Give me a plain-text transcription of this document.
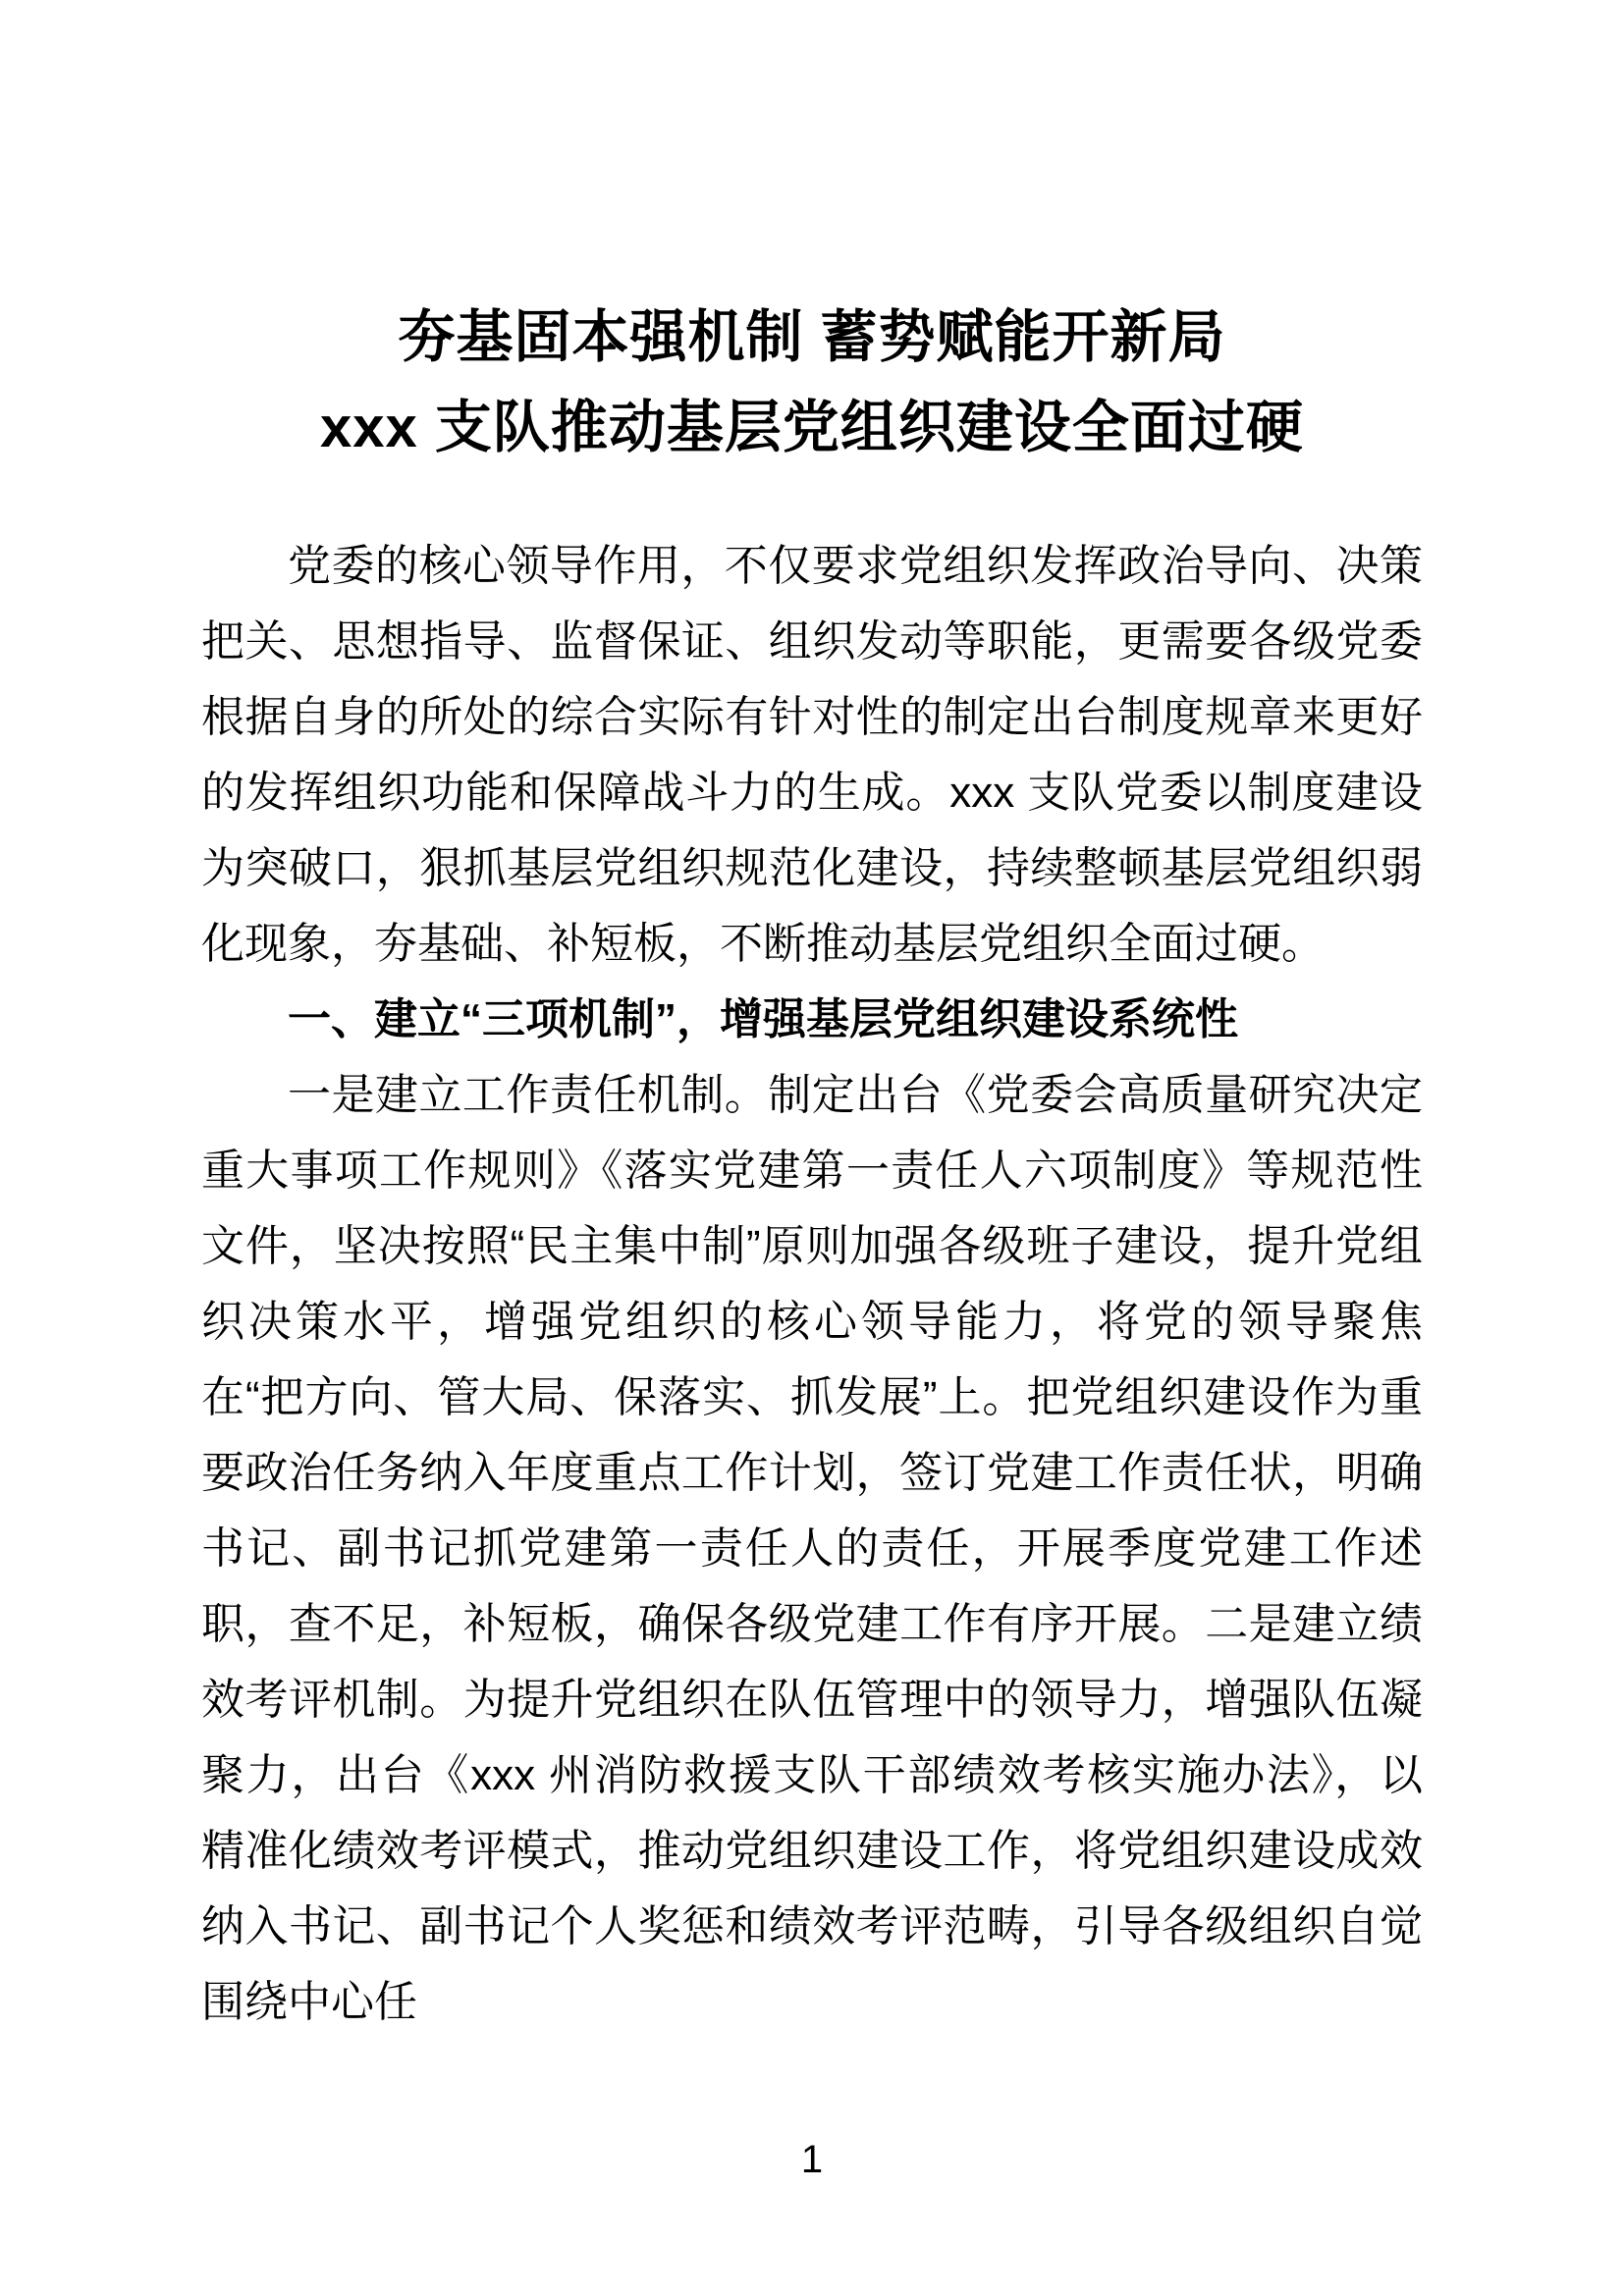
夯基固本强机制 蓄势赋能开新局
xxx 支队推动基层党组织建设全面过硬

党委的核心领导作用，不仅要求党组织发挥政治导向、决策把关、思想指导、监督保证、组织发动等职能，更需要各级党委根据自身的所处的综合实际有针对性的制定出台制度规章来更好的发挥组织功能和保障战斗力的生成。xxx 支队党委以制度建设为突破口，狠抓基层党组织规范化建设，持续整顿基层党组织弱化现象，夯基础、补短板，不断推动基层党组织全面过硬。

一、建立“三项机制”，增强基层党组织建设系统性

一是建立工作责任机制。制定出台《党委会高质量研究决定重大事项工作规则》《落实党建第一责任人六项制度》等规范性文件，坚决按照“民主集中制”原则加强各级班子建设，提升党组织决策水平，增强党组织的核心领导能力，将党的领导聚焦在“把方向、管大局、保落实、抓发展”上。把党组织建设作为重要政治任务纳入年度重点工作计划，签订党建工作责任状，明确书记、副书记抓党建第一责任人的责任，开展季度党建工作述职，查不足，补短板，确保各级党建工作有序开展。二是建立绩效考评机制。为提升党组织在队伍管理中的领导力，增强队伍凝聚力，出台《xxx 州消防救援支队干部绩效考核实施办法》，以精准化绩效考评模式，推动党组织建设工作，将党组织建设成效纳入书记、副书记个人奖惩和绩效考评范畴，引导各级组织自觉围绕中心任

1
